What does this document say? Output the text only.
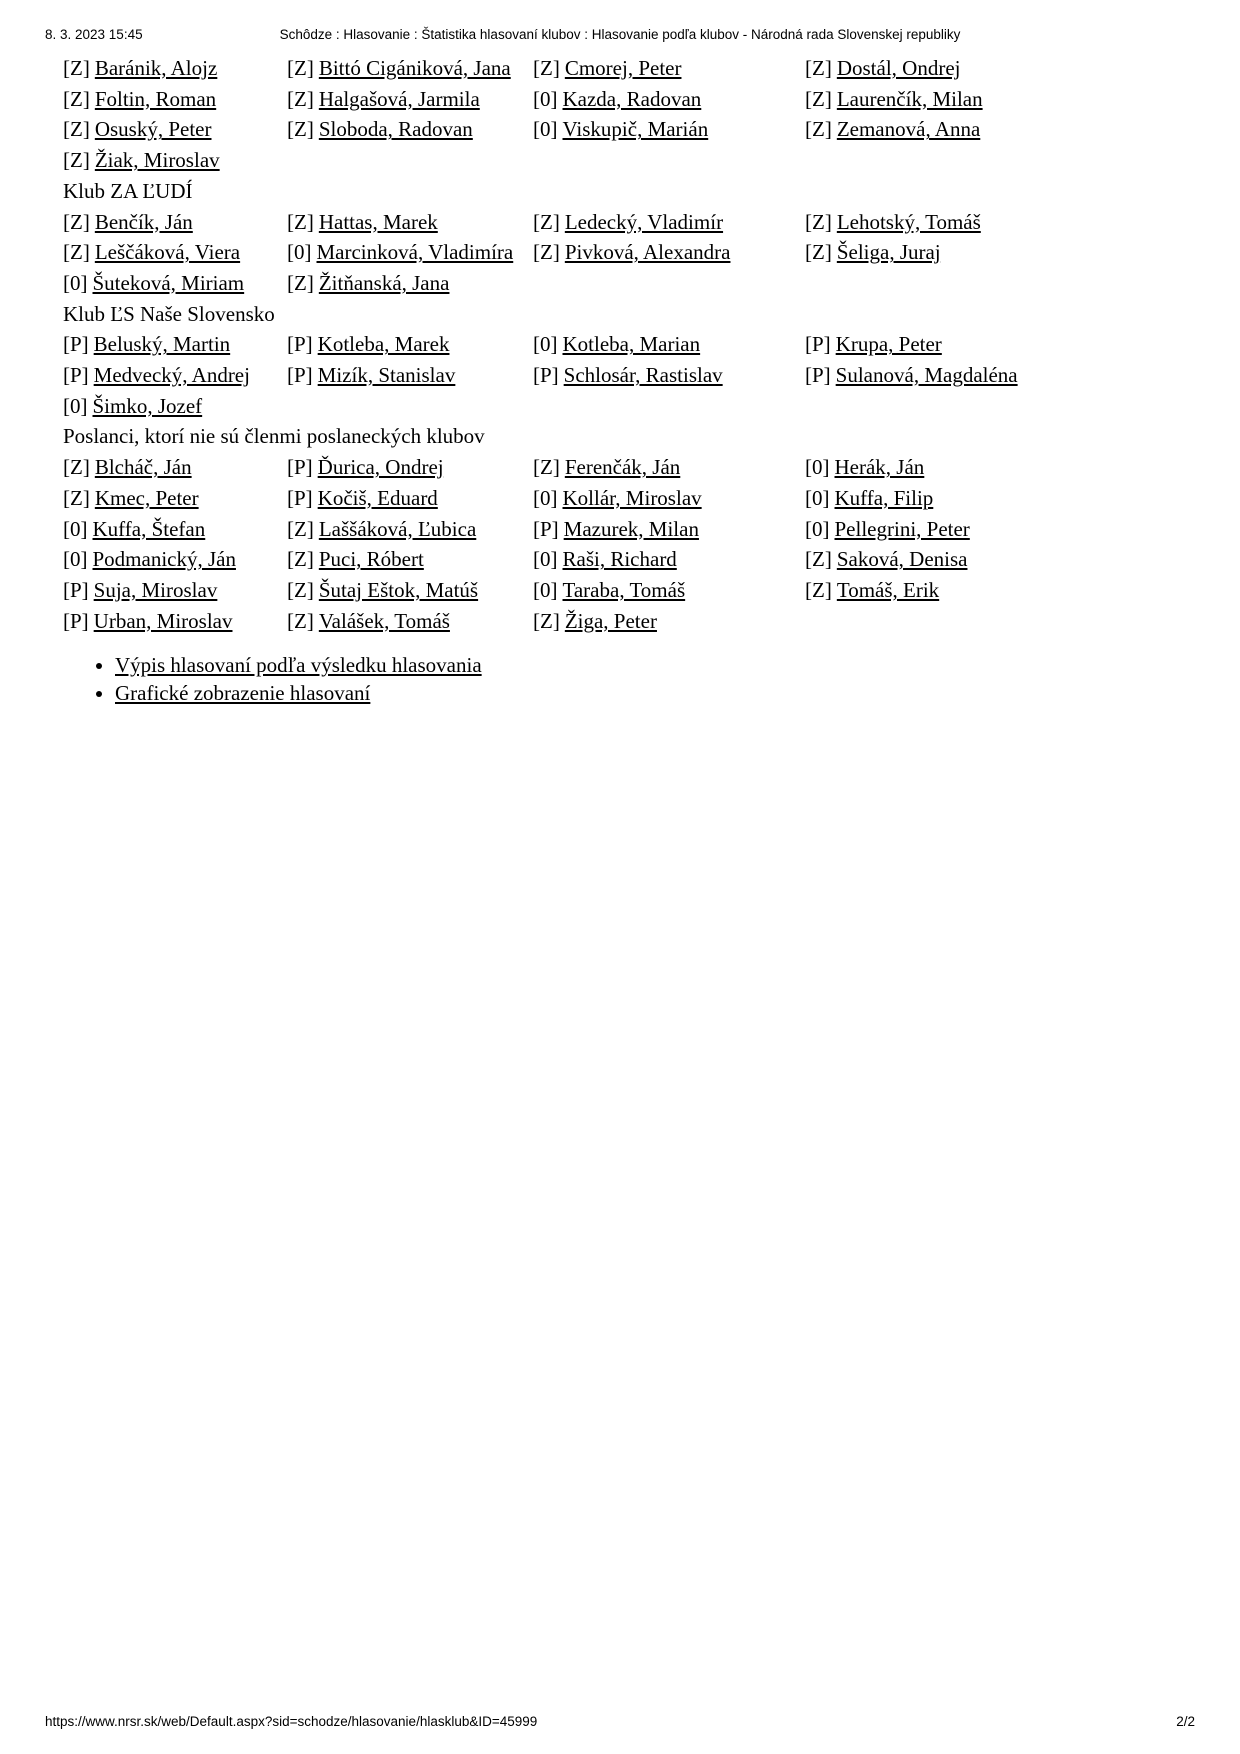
8. 3. 2023 15:45	Schôdze : Hlasovanie : Štatistika hlasovaní klubov : Hlasovanie podľa klubov - Národná rada Slovenskej republiky
[Z] Baránik, Alojz	[Z] Bittó Cigániková, Jana	[Z] Cmorej, Peter	[Z] Dostál, Ondrej
[Z] Foltin, Roman	[Z] Halgašová, Jarmila	[0] Kazda, Radovan	[Z] Laurenčík, Milan
[Z] Osuský, Peter	[Z] Sloboda, Radovan	[0] Viskupič, Marián	[Z] Zemanová, Anna
[Z] Žiak, Miroslav
Klub ZA ĽUDÍ
[Z] Benčík, Ján	[Z] Hattas, Marek	[Z] Ledecký, Vladimír	[Z] Lehotský, Tomáš
[Z] Leščáková, Viera	[0] Marcinková, Vladimíra [Z] Pivková, Alexandra	[Z] Šeliga, Juraj
[0] Šuteková, Miriam	[Z] Žitňanská, Jana
Klub ĽS Naše Slovensko
[P] Beluský, Martin	[P] Kotleba, Marek	[0] Kotleba, Marian	[P] Krupa, Peter
[P] Medvecký, Andrej	[P] Mizík, Stanislav	[P] Schlosár, Rastislav	[P] Sulanová, Magdaléna
[0] Šimko, Jozef
Poslanci, ktorí nie sú členmi poslaneckých klubov
[Z] Blcháč, Ján	[P] Ďurica, Ondrej	[Z] Ferenčák, Ján	[0] Herák, Ján
[Z] Kmec, Peter	[P] Kočiš, Eduard	[0] Kollár, Miroslav	[0] Kuffa, Filip
[0] Kuffa, Štefan	[Z] Laššáková, Ľubica	[P] Mazurek, Milan	[0] Pellegrini, Peter
[0] Podmanický, Ján	[Z] Puci, Róbert	[0] Raši, Richard	[Z] Saková, Denisa
[P] Suja, Miroslav	[Z] Šutaj Eštok, Matúš	[0] Taraba, Tomáš	[Z] Tomáš, Erik
[P] Urban, Miroslav	[Z] Valášek, Tomáš	[Z] Žiga, Peter
• Výpis hlasovaní podľa výsledku hlasovania
• Grafické zobrazenie hlasovaní
https://www.nrsr.sk/web/Default.aspx?sid=schodze/hlasovanie/hlasklub&ID=45999	2/2
